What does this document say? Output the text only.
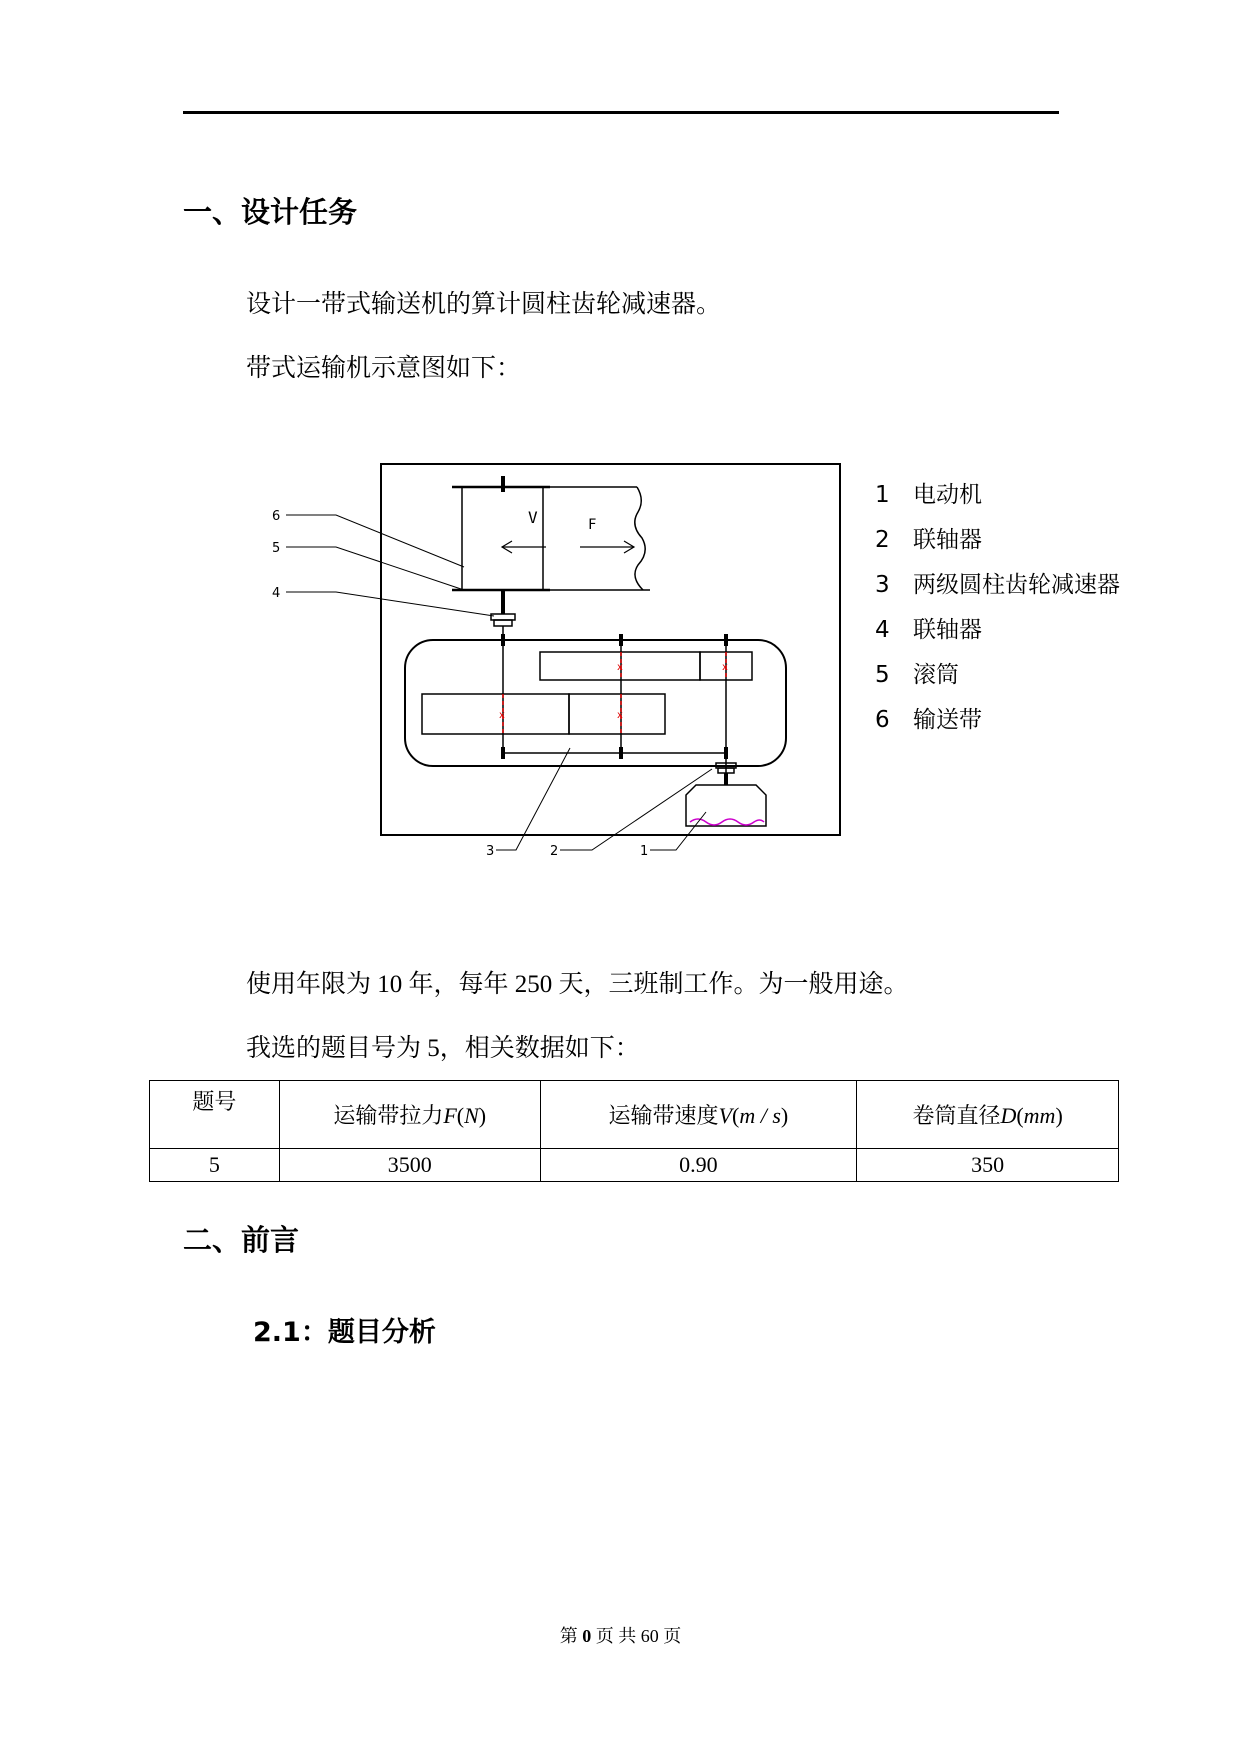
一、设计任务
设计一带式输送机的算计圆柱齿轮减速器。
带式运输机示意图如下：
V	F
x	x
x	x
6
5
4
3	2	1
1 电动机
2 联轴器
3 两级圆柱齿轮减速器
4 联轴器
5 滚筒
6 输送带
使用年限为 10 年，每年 250 天，三班制工作。为一般用途。
我选的题目号为 5，相关数据如下：
题号	运输带拉力F(N)	运输带速度V(m / s)	卷筒直径D(mm)
5	3500	0.90	350
二、前言
2.1：题目分析
第 0 页 共 60 页
